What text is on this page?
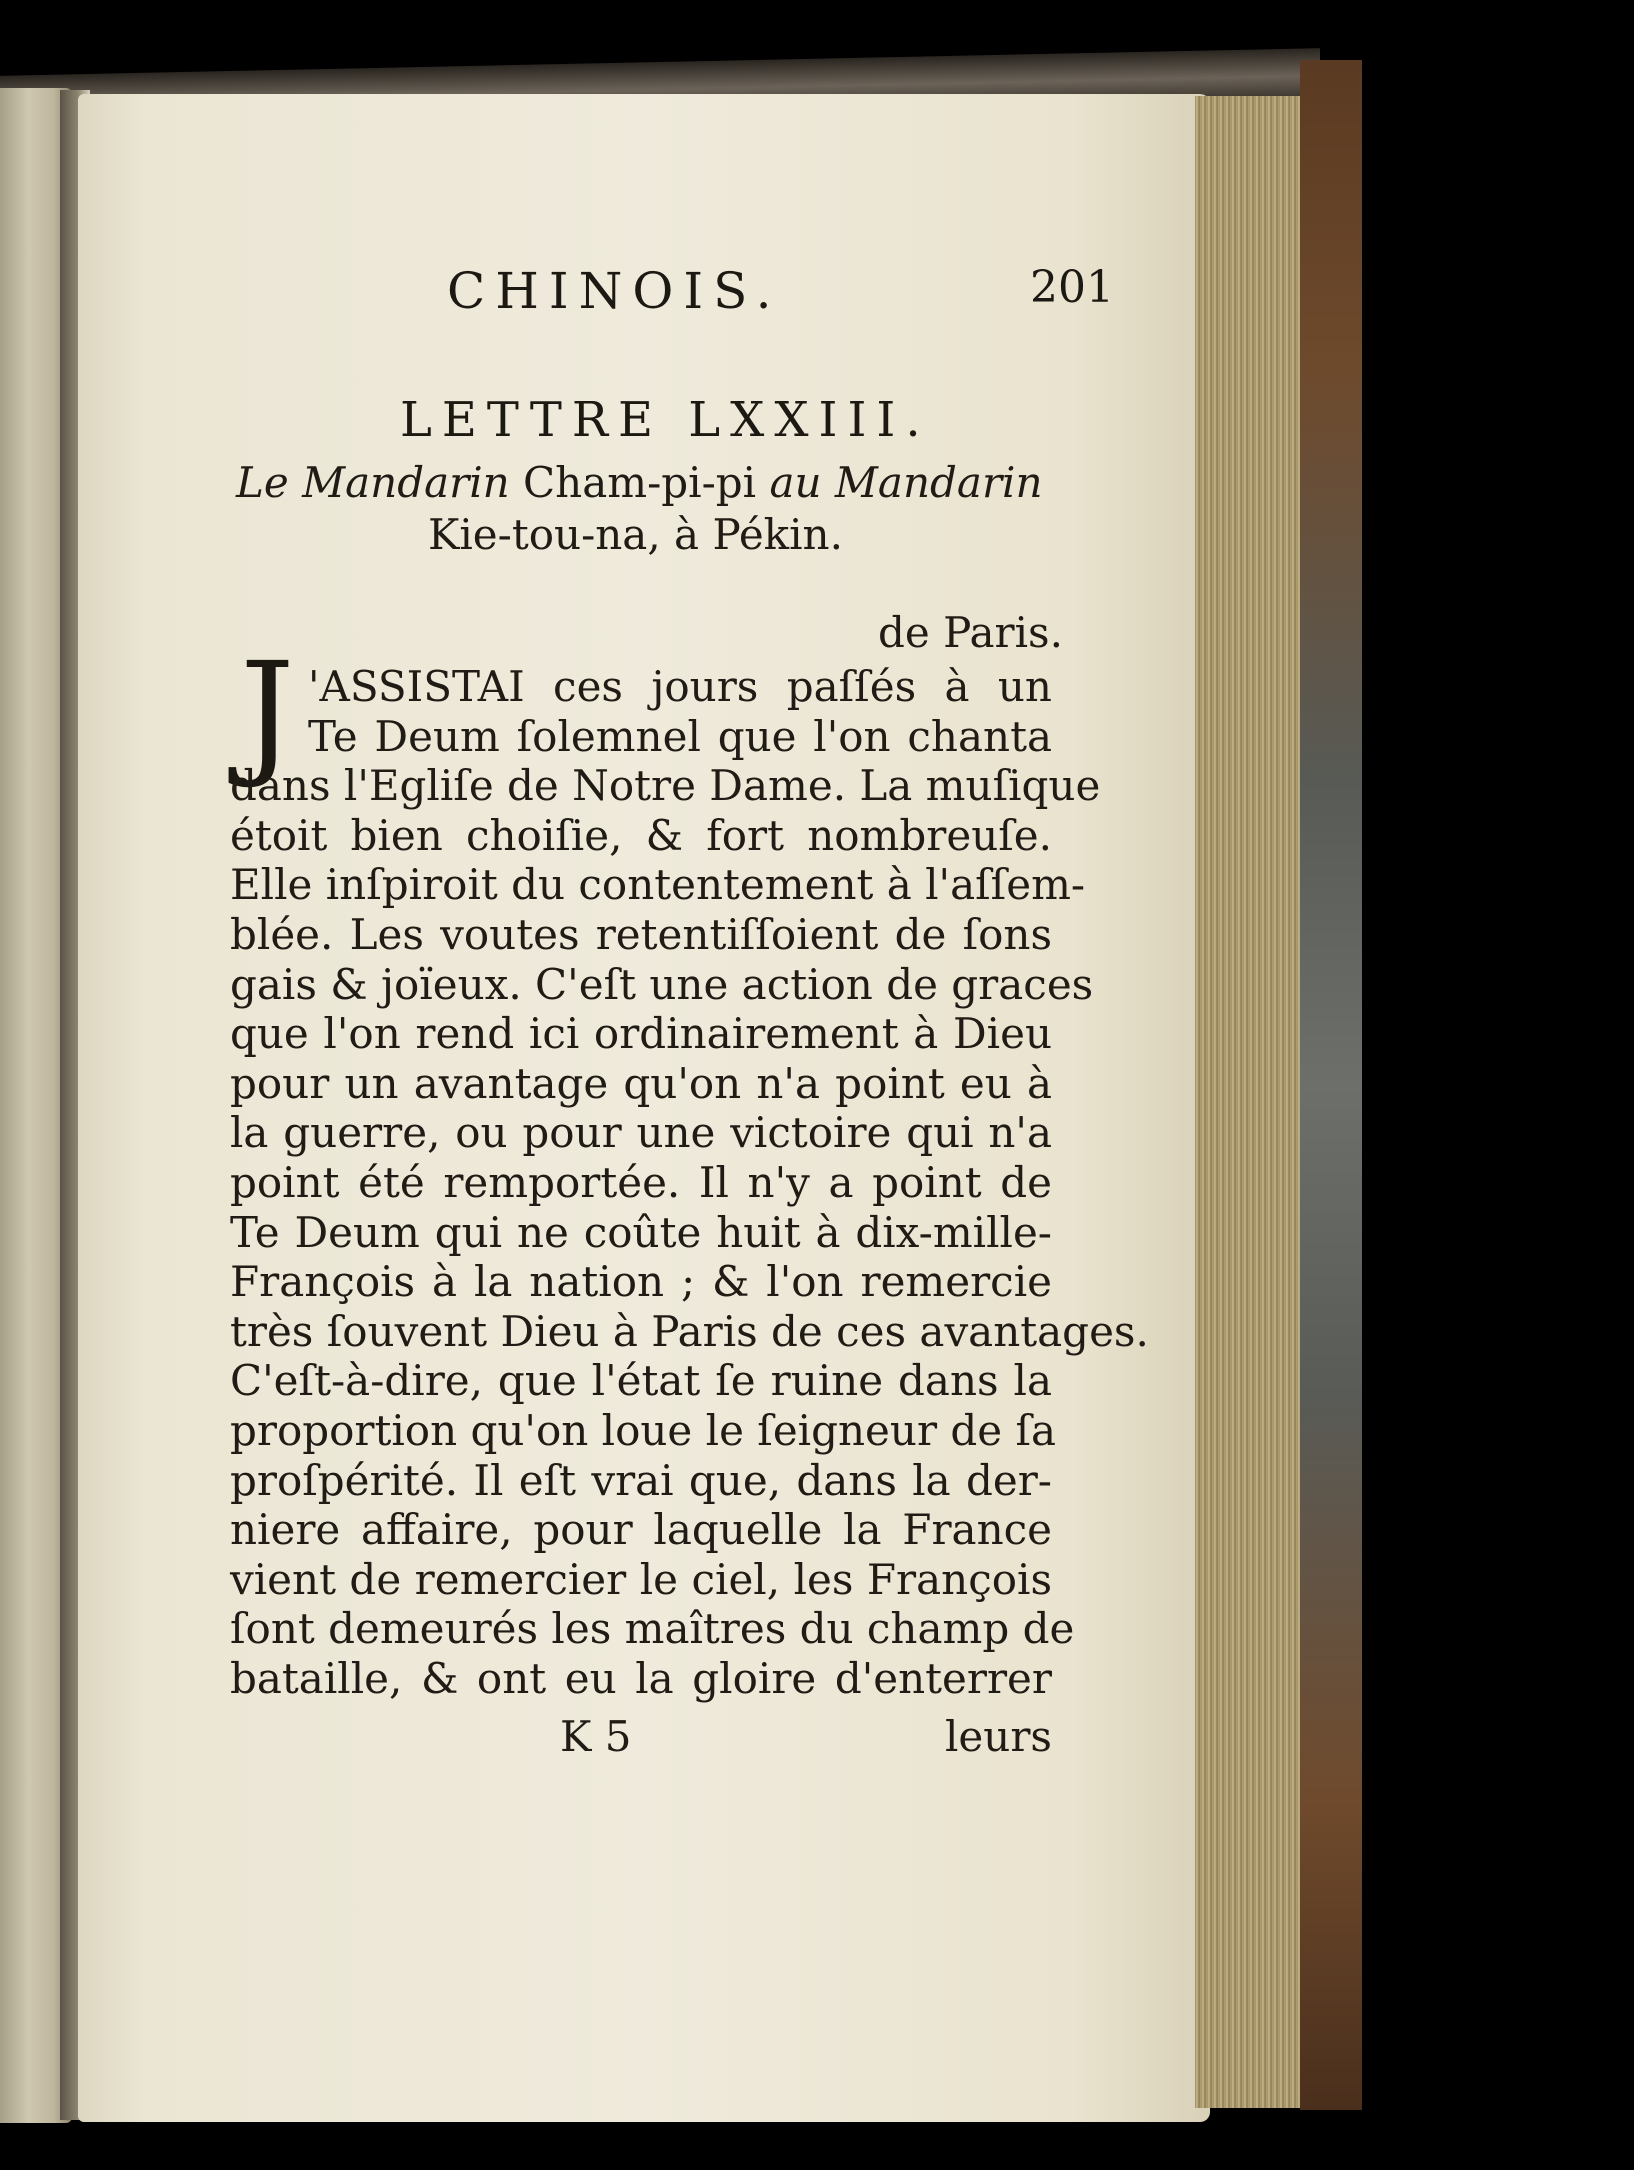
CHINOIS.	201
LETTRE LXXIII.
Le Mandarin Cham-pi-pi au Mandarin
Kie-tou-na, à Pékin.
de Paris.
J 'ASSISTAI ces jours paſſés à un
Te Deum ſolemnel que l'on chanta
dans l'Egliſe de Notre Dame. La muſique
étoit bien choiſie, & fort nombreuſe.
Elle inſpiroit du contentement à l'aſſem-
blée. Les voutes retentiſſoient de ſons
gais & joïeux. C'eſt une action de graces
que l'on rend ici ordinairement à Dieu
pour un avantage qu'on n'a point eu à
la guerre, ou pour une victoire qui n'a
point été remportée. Il n'y a point de
Te Deum qui ne coûte huit à dix-mille-
François à la nation ; & l'on remercie
très ſouvent Dieu à Paris de ces avantages.
C'eſt-à-dire, que l'état ſe ruine dans la
proportion qu'on loue le ſeigneur de ſa
proſpérité. Il eſt vrai que, dans la der-
niere affaire, pour laquelle la France
vient de remercier le ciel, les François
ſont demeurés les maîtres du champ de
bataille, & ont eu la gloire d'enterrer
K 5	leurs
